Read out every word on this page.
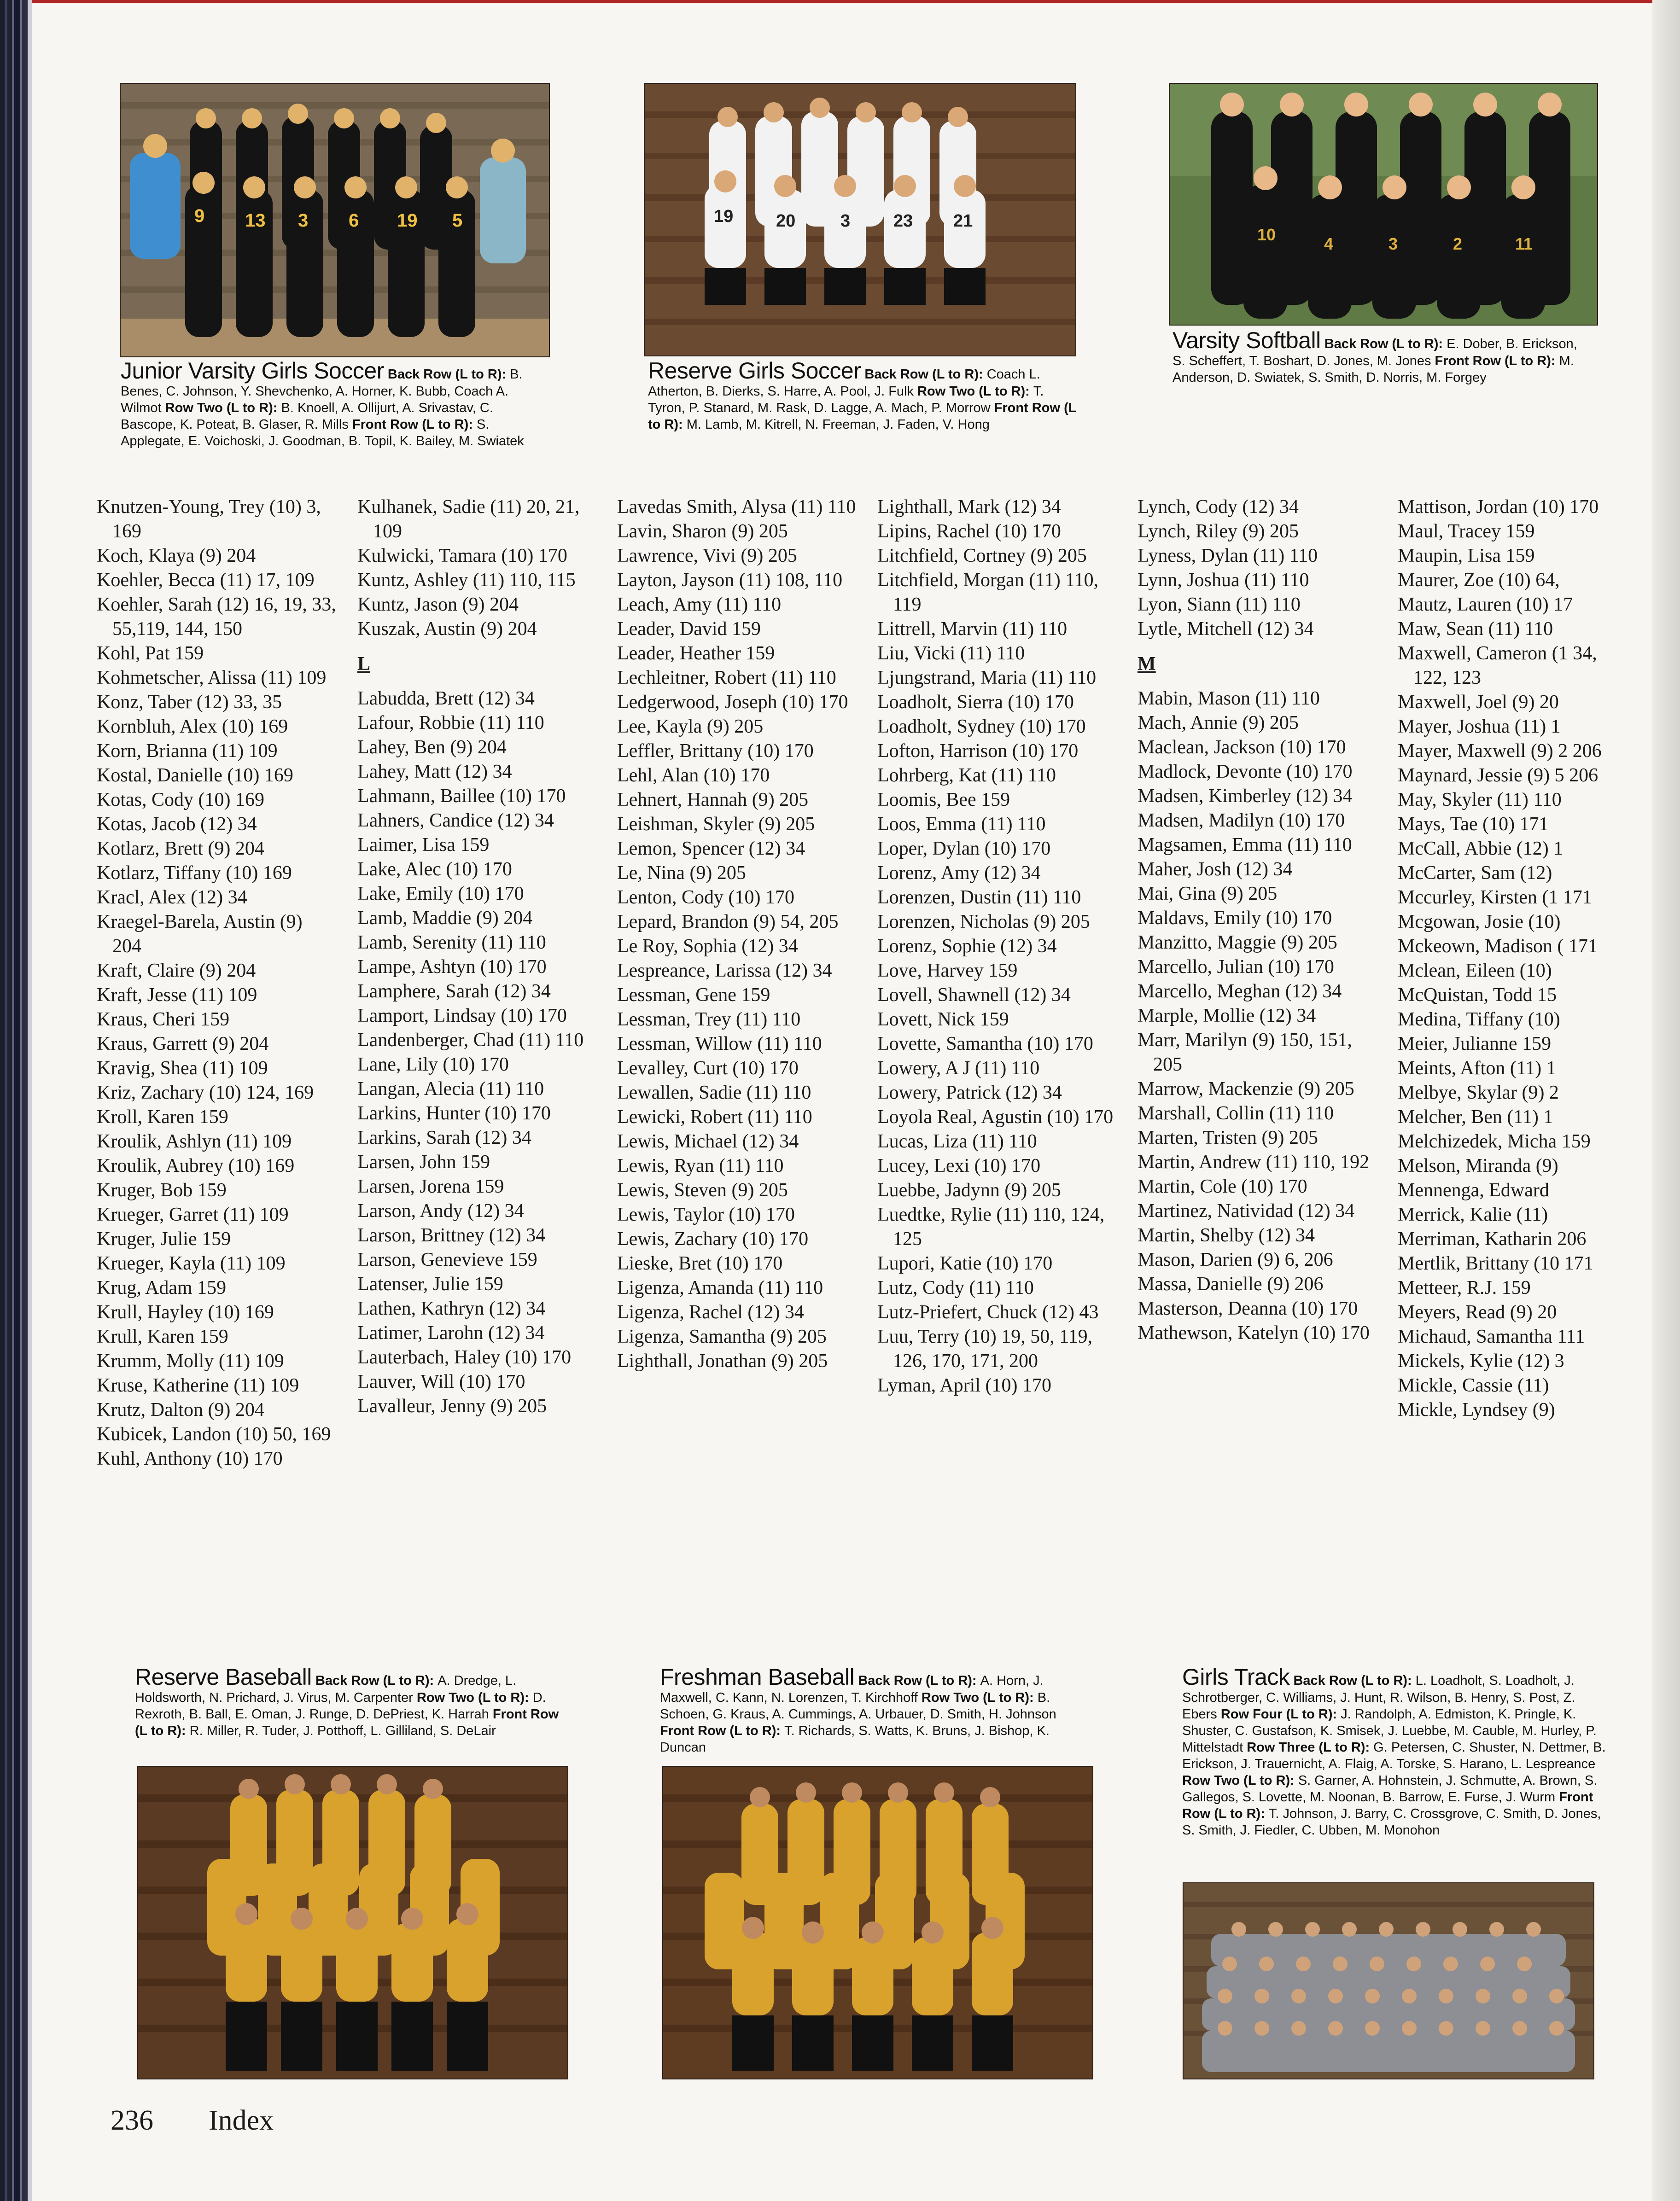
9 13 3 6 19 5
Junior Varsity Girls Soccer Back Row (L to R): B. Benes, C. Johnson, Y. Shevchenko, A. Horner, K. Bubb, Coach A. Wilmot Row Two (L to R): B. Knoell, A. Ollijurt, A. Srivastav, C. Bascope, K. Poteat, B. Glaser, R. Mills Front Row (L to R): S. Applegate, E. Voichoski, J. Goodman, B. Topil, K. Bailey, M. Swiatek
19 20	3 23 21
Reserve Girls Soccer Back Row (L to R): Coach L. Atherton, B. Dierks, S. Harre, A. Pool, J. Fulk Row Two (L to R): T. Tyron, P. Stanard, M. Rask, D. Lagge, A. Mach, P. Morrow Front Row (L to R): M. Lamb, M. Kitrell, N. Freeman, J. Faden, V. Hong
10	4	3	2	11
Varsity Softball Back Row (L to R): E. Dober, B. Erickson, S. Scheffert, T. Boshart, D. Jones, M. Jones Front Row (L to R): M. Anderson, D. Swiatek, S. Smith, D. Norris, M. Forgey
Knutzen-Young, Trey (10) 3, 169
Koch, Klaya (9) 204
Koehler, Becca (11) 17, 109
Koehler, Sarah (12) 16, 19, 33, 55,119, 144, 150
Kohl, Pat 159
Kohmetscher, Alissa (11) 109
Konz, Taber (12) 33, 35
Kornbluh, Alex (10) 169
Korn, Brianna (11) 109
Kostal, Danielle (10) 169
Kotas, Cody (10) 169
Kotas, Jacob (12) 34
Kotlarz, Brett (9) 204
Kotlarz, Tiffany (10) 169
Kracl, Alex (12) 34
Kraegel-Barela, Austin (9) 204
Kraft, Claire (9) 204
Kraft, Jesse (11) 109
Kraus, Cheri 159
Kraus, Garrett (9) 204
Kravig, Shea (11) 109
Kriz, Zachary (10) 124, 169
Kroll, Karen 159
Kroulik, Ashlyn (11) 109
Kroulik, Aubrey (10) 169
Kruger, Bob 159
Krueger, Garret (11) 109
Kruger, Julie 159
Krueger, Kayla (11) 109
Krug, Adam 159
Krull, Hayley (10) 169
Krull, Karen 159
Krumm, Molly (11) 109
Kruse, Katherine (11) 109
Krutz, Dalton (9) 204
Kubicek, Landon (10) 50, 169
Kuhl, Anthony (10) 170
Kulhanek, Sadie (11) 20, 21, 109
Kulwicki, Tamara (10) 170
Kuntz, Ashley (11) 110, 115
Kuntz, Jason (9) 204
Kuszak, Austin (9) 204
L
Labudda, Brett (12) 34
Lafour, Robbie (11) 110
Lahey, Ben (9) 204
Lahey, Matt (12) 34
Lahmann, Baillee (10) 170
Lahners, Candice (12) 34
Laimer, Lisa 159
Lake, Alec (10) 170
Lake, Emily (10) 170
Lamb, Maddie (9) 204
Lamb, Serenity (11) 110
Lampe, Ashtyn (10) 170
Lamphere, Sarah (12) 34
Lamport, Lindsay (10) 170
Landenberger, Chad (11) 110
Lane, Lily (10) 170
Langan, Alecia (11) 110
Larkins, Hunter (10) 170
Larkins, Sarah (12) 34
Larsen, John 159
Larsen, Jorena 159
Larson, Andy (12) 34
Larson, Brittney (12) 34
Larson, Genevieve 159
Latenser, Julie 159
Lathen, Kathryn (12) 34
Latimer, Larohn (12) 34
Lauterbach, Haley (10) 170
Lauver, Will (10) 170
Lavalleur, Jenny (9) 205
Lavedas Smith, Alysa (11) 110
Lavin, Sharon (9) 205
Lawrence, Vivi (9) 205
Layton, Jayson (11) 108, 110
Leach, Amy (11) 110
Leader, David 159
Leader, Heather 159
Lechleitner, Robert (11) 110
Ledgerwood, Joseph (10) 170
Lee, Kayla (9) 205
Leffler, Brittany (10) 170
Lehl, Alan (10) 170
Lehnert, Hannah (9) 205
Leishman, Skyler (9) 205
Lemon, Spencer (12) 34
Le, Nina (9) 205
Lenton, Cody (10) 170
Lepard, Brandon (9) 54, 205
Le Roy, Sophia (12) 34
Lespreance, Larissa (12) 34
Lessman, Gene 159
Lessman, Trey (11) 110
Lessman, Willow (11) 110
Levalley, Curt (10) 170
Lewallen, Sadie (11) 110
Lewicki, Robert (11) 110
Lewis, Michael (12) 34
Lewis, Ryan (11) 110
Lewis, Steven (9) 205
Lewis, Taylor (10) 170
Lewis, Zachary (10) 170
Lieske, Bret (10) 170
Ligenza, Amanda (11) 110
Ligenza, Rachel (12) 34
Ligenza, Samantha (9) 205
Lighthall, Jonathan (9) 205
Lighthall, Mark (12) 34
Lipins, Rachel (10) 170
Litchfield, Cortney (9) 205
Litchfield, Morgan (11) 110, 119
Littrell, Marvin (11) 110
Liu, Vicki (11) 110
Ljungstrand, Maria (11) 110
Loadholt, Sierra (10) 170
Loadholt, Sydney (10) 170
Lofton, Harrison (10) 170
Lohrberg, Kat (11) 110
Loomis, Bee 159
Loos, Emma (11) 110
Loper, Dylan (10) 170
Lorenz, Amy (12) 34
Lorenzen, Dustin (11) 110
Lorenzen, Nicholas (9) 205
Lorenz, Sophie (12) 34
Love, Harvey 159
Lovell, Shawnell (12) 34
Lovett, Nick 159
Lovette, Samantha (10) 170
Lowery, A J (11) 110
Lowery, Patrick (12) 34
Loyola Real, Agustin (10) 170
Lucas, Liza (11) 110
Lucey, Lexi (10) 170
Luebbe, Jadynn (9) 205
Luedtke, Rylie (11) 110, 124, 125
Lupori, Katie (10) 170
Lutz, Cody (11) 110
Lutz-Priefert, Chuck (12) 43
Luu, Terry (10) 19, 50, 119, 126, 170, 171, 200
Lyman, April (10) 170
Lynch, Cody (12) 34
Lynch, Riley (9) 205
Lyness, Dylan (11) 110
Lynn, Joshua (11) 110
Lyon, Siann (11) 110
Lytle, Mitchell (12) 34
M
Mabin, Mason (11) 110
Mach, Annie (9) 205
Maclean, Jackson (10) 170
Madlock, Devonte (10) 170
Madsen, Kimberley (12) 34
Madsen, Madilyn (10) 170
Magsamen, Emma (11) 110
Maher, Josh (12) 34
Mai, Gina (9) 205
Maldavs, Emily (10) 170
Manzitto, Maggie (9) 205
Marcello, Julian (10) 170
Marcello, Meghan (12) 34
Marple, Mollie (12) 34
Marr, Marilyn (9) 150, 151, 205
Marrow, Mackenzie (9) 205
Marshall, Collin (11) 110
Marten, Tristen (9) 205
Martin, Andrew (11) 110, 192
Martin, Cole (10) 170
Martinez, Natividad (12) 34
Martin, Shelby (12) 34
Mason, Darien (9) 6, 206
Massa, Danielle (9) 206
Masterson, Deanna (10) 170
Mathewson, Katelyn (10) 170
Mattison, Jordan (10) 170
Maul, Tracey 159
Maupin, Lisa 159
Maurer, Zoe (10) 64,
Mautz, Lauren (10) 17
Maw, Sean (11) 110
Maxwell, Cameron (1 34, 122, 123
Maxwell, Joel (9) 20
Mayer, Joshua (11) 1
Mayer, Maxwell (9) 2 206
Maynard, Jessie (9) 5 206
May, Skyler (11) 110
Mays, Tae (10) 171
McCall, Abbie (12) 1
McCarter, Sam (12)
Mccurley, Kirsten (1 171
Mcgowan, Josie (10)
Mckeown, Madison ( 171
Mclean, Eileen (10)
McQuistan, Todd 15
Medina, Tiffany (10)
Meier, Julianne 159
Meints, Afton (11) 1
Melbye, Skylar (9) 2
Melcher, Ben (11) 1
Melchizedek, Micha 159
Melson, Miranda (9)
Mennenga, Edward
Merrick, Kalie (11)
Merriman, Katharin 206
Mertlik, Brittany (10 171
Metteer, R.J. 159
Meyers, Read (9) 20
Michaud, Samantha 111
Mickels, Kylie (12) 3
Mickle, Cassie (11)
Mickle, Lyndsey (9)
Reserve Baseball Back Row (L to R): A. Dredge, L. Holdsworth, N. Prichard, J. Virus, M. Carpenter Row Two (L to R): D. Rexroth, B. Ball, E. Oman, J. Runge, D. DePriest, K. Harrah Front Row (L to R): R. Miller, R. Tuder, J. Potthoff, L. Gilliland, S. DeLair
Freshman Baseball Back Row (L to R): A. Horn, J. Maxwell, C. Kann, N. Lorenzen, T. Kirchhoff Row Two (L to R): B. Schoen, G. Kraus, A. Cummings, A. Urbauer, D. Smith, H. Johnson Front Row (L to R): T. Richards, S. Watts, K. Bruns, J. Bishop, K. Duncan
Girls Track Back Row (L to R): L. Loadholt, S. Loadholt, J. Schrotberger, C. Williams, J. Hunt, R. Wilson, B. Henry, S. Post, Z. Ebers Row Four (L to R): J. Randolph, A. Edmiston, K. Pringle, K. Shuster, C. Gustafson, K. Smisek, J. Luebbe, M. Cauble, M. Hurley, P. Mittelstadt Row Three (L to R): G. Petersen, C. Shuster, N. Dettmer, B. Erickson, J. Trauernicht, A. Flaig, A. Torske, S. Harano, L. Lespreance Row Two (L to R): S. Garner, A. Hohnstein, J. Schmutte, A. Brown, S. Gallegos, S. Lovette, M. Noonan, B. Barrow, E. Furse, J. Wurm Front Row (L to R): T. Johnson, J. Barry, C. Crossgrove, C. Smith, D. Jones, S. Smith, J. Fiedler, C. Ubben, M. Monohon
236 Index
